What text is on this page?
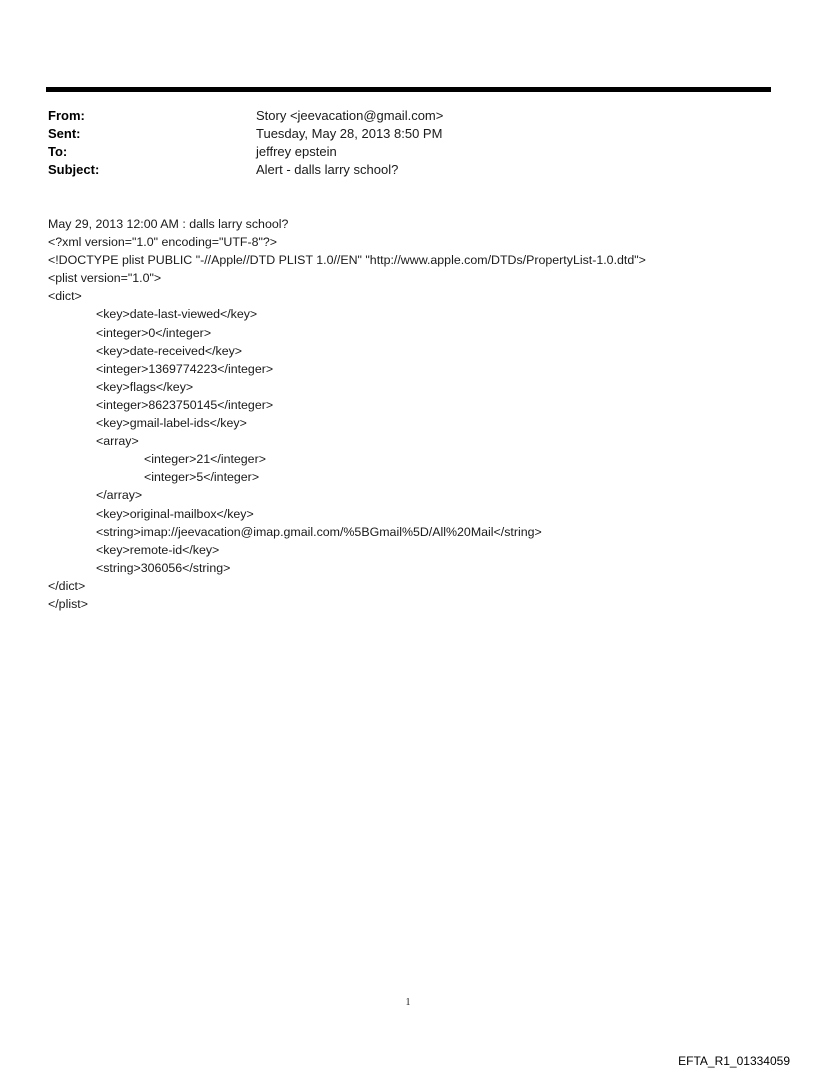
From:	Story <jeevacation@gmail.com>
Sent:	Tuesday, May 28, 2013 8:50 PM
To:	jeffrey epstein
Subject:	Alert - dalls larry school?
May 29, 2013 12:00 AM : dalls larry school?
<?xml version="1.0" encoding="UTF-8"?>
<!DOCTYPE plist PUBLIC "-//Apple//DTD PLIST 1.0//EN" "http://www.apple.com/DTDs/PropertyList-1.0.dtd">
<plist version="1.0">
<dict>
<key>date-last-viewed</key>
<integer>0</integer>
<key>date-received</key>
<integer>1369774223</integer>
<key>flags</key>
<integer>8623750145</integer>
<key>gmail-label-ids</key>
<array>
<integer>21</integer>
<integer>5</integer>
</array>
<key>original-mailbox</key>
<string>imap://jeevacation@imap.gmail.com/%5BGmail%5D/All%20Mail</string>
<key>remote-id</key>
<string>306056</string>
</dict>
</plist>
1
EFTA_R1_01334059
